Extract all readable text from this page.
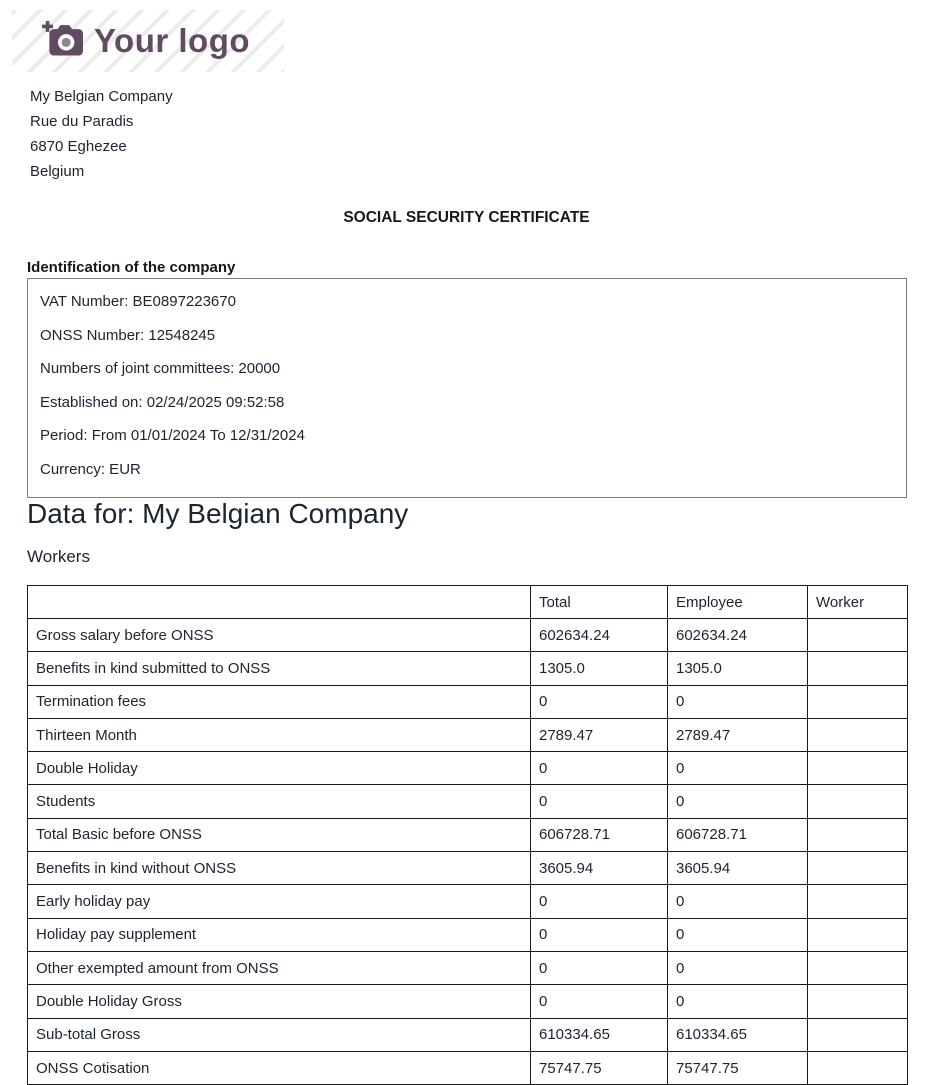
Your logo
My Belgian Company
Rue du Paradis
6870 Eghezee
Belgium
SOCIAL SECURITY CERTIFICATE
Identification of the company
VAT Number: BE0897223670
ONSS Number: 12548245
Numbers of joint committees: 20000
Established on: 02/24/2025 09:52:58
Period: From 01/01/2024 To 12/31/2024
Currency: EUR
Data for: My Belgian Company
Workers
	Total	Employee	Worker
Gross salary before ONSS	602634.24	602634.24	
Benefits in kind submitted to ONSS	1305.0	1305.0	
Termination fees	0	0	
Thirteen Month	2789.47	2789.47	
Double Holiday	0	0	
Students	0	0	
Total Basic before ONSS	606728.71	606728.71	
Benefits in kind without ONSS	3605.94	3605.94	
Early holiday pay	0	0	
Holiday pay supplement	0	0	
Other exempted amount from ONSS	0	0	
Double Holiday Gross	0	0	
Sub-total Gross	610334.65	610334.65	
ONSS Cotisation	75747.75	75747.75	
